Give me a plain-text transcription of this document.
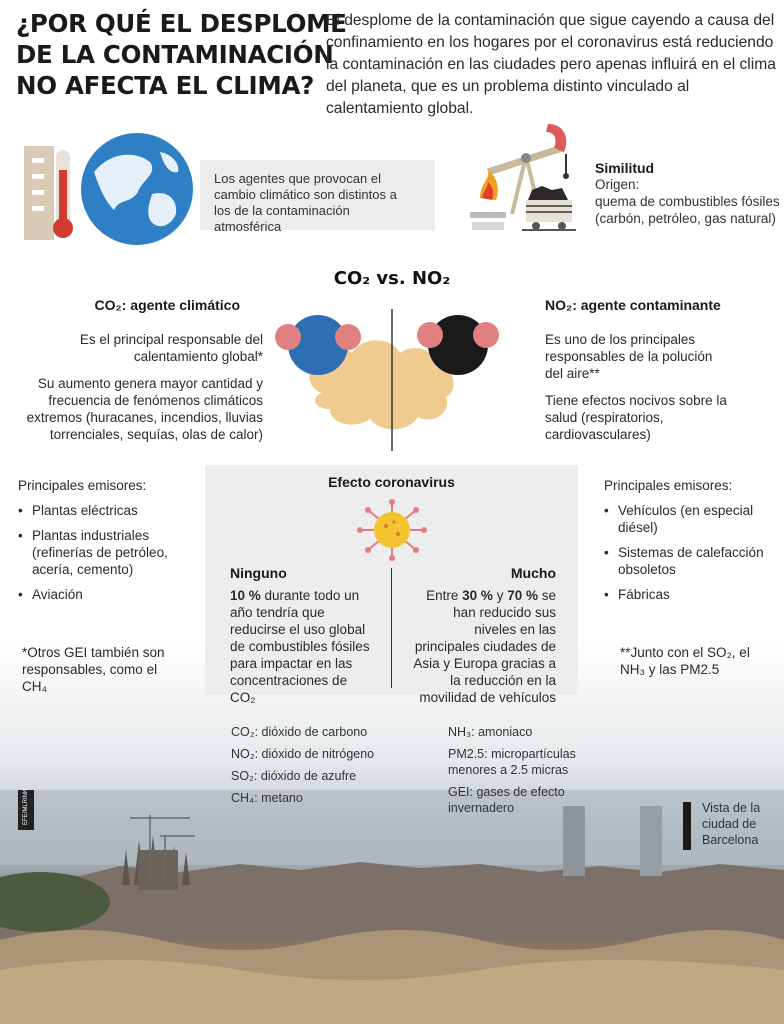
¿POR QUÉ EL DESPLOME
DE LA CONTAMINACIÓN
NO AFECTA EL CLIMA?
El desplome de la contaminación que sigue cayendo a causa del confinamiento en los hogares por el coronavirus está reduciendo la contaminación en las ciudades pero apenas influirá en el clima del planeta, que es un problema distinto vinculado al calentamiento global.
Los agentes que provocan el cambio climático son distintos a los de la contaminación atmosférica
Similitud
Origen:
quema de combustibles fósiles (carbón, petróleo, gas natural)
CO₂ vs. NO₂
CO₂: agente climático
Es el principal responsable del calentamiento global*
Su aumento genera mayor cantidad y frecuencia de fenómenos climáticos extremos (huracanes, incendios, lluvias torrenciales, sequías, olas de calor)
NO₂: agente contaminante
Es uno de los principales responsables de la polución del aire**
Tiene efectos nocivos sobre la salud (respiratorios, cardiovasculares)
Principales emisores:
• Plantas eléctricas
• Plantas industriales (refinerías de petróleo, acería, cemento)
• Aviación
*Otros GEI también son responsables, como el CH₄
Efecto coronavirus
Ninguno
10 % durante todo un año tendría que reducirse el uso global de combustibles fósiles para impactar en las concentraciones de CO₂
Mucho
Entre 30 % y 70 % se han reducido sus niveles en las principales ciudades de Asia y Europa gracias a la reducción en la movilidad de vehículos
Principales emisores:
• Vehículos (en especial diésel)
• Sistemas de calefacción obsoletos
• Fábricas
**Junto con el SO₂, el NH₃ y las PM2.5
CO₂: dióxido de carbono
NO₂: dióxido de nitrógeno
SO₂: dióxido de azufre
CH₄: metano
NH₃: amoniaco
PM2.5: micropartículas menores a 2.5 micras
GEI: gases de efecto invernadero	Vista de la ciudad de Barcelona
EFE/MLRINK
